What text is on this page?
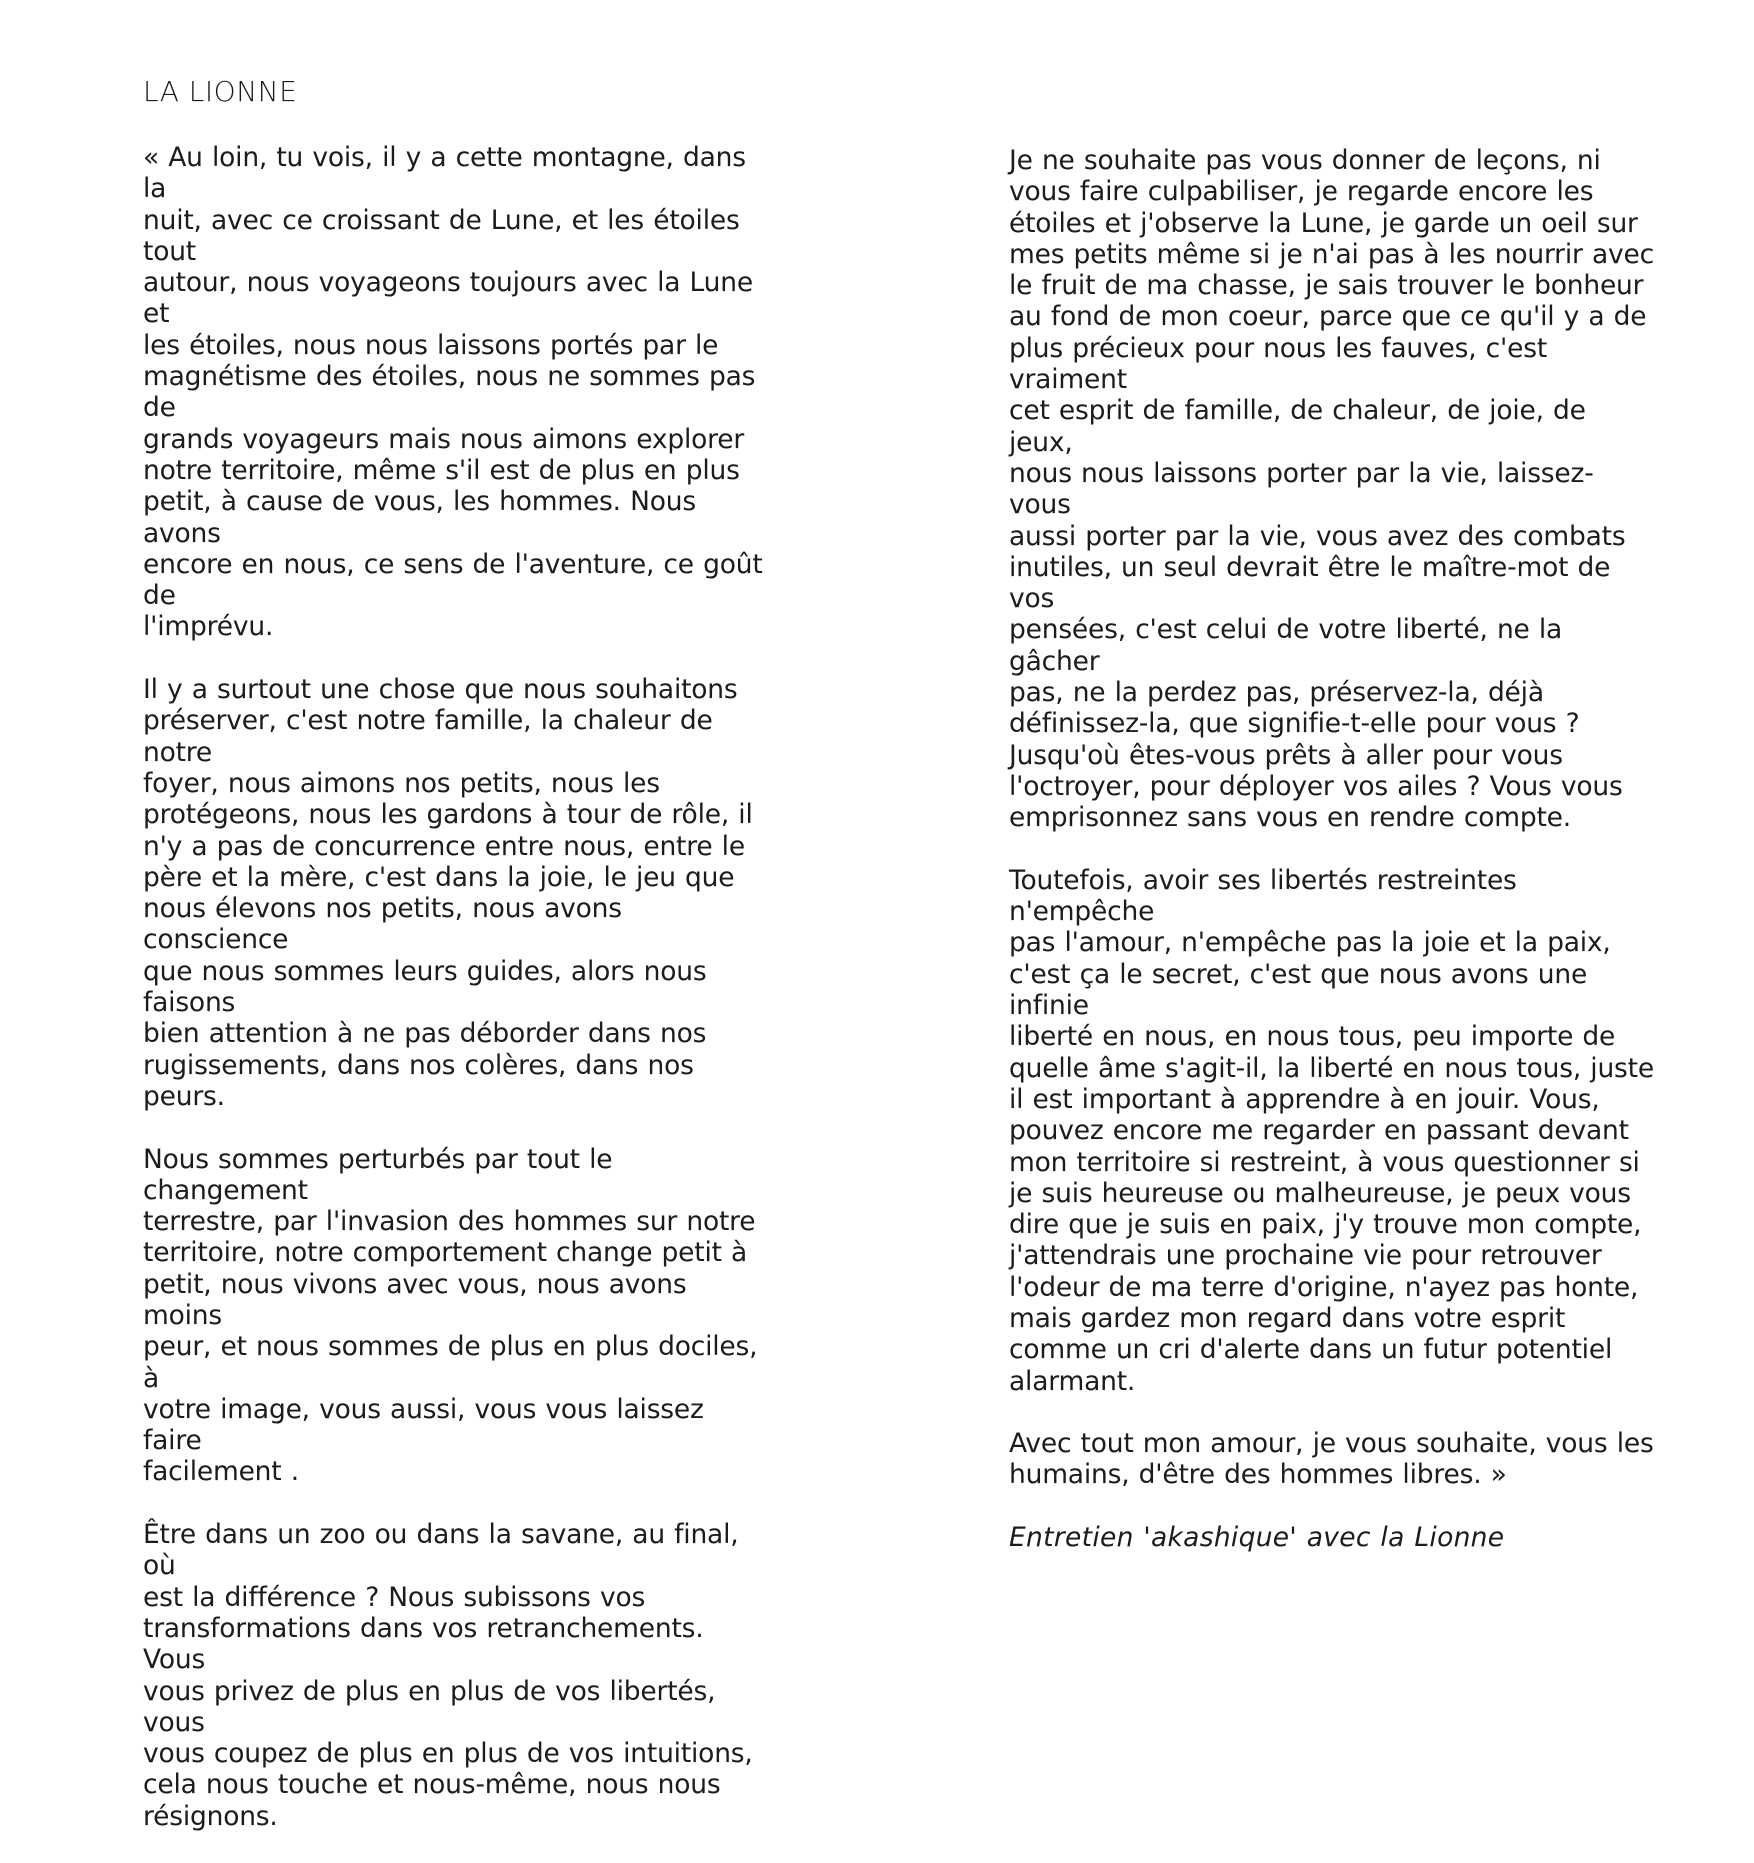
LA LIONNE

« Au loin, tu vois, il y a cette montagne, dans la
nuit, avec ce croissant de Lune, et les étoiles tout
autour, nous voyageons toujours avec la Lune et
les étoiles, nous nous laissons portés par le
magnétisme des étoiles, nous ne sommes pas de
grands voyageurs mais nous aimons explorer
notre territoire, même s'il est de plus en plus
petit, à cause de vous, les hommes. Nous avons
encore en nous, ce sens de l'aventure, ce goût de
l'imprévu.

Il y a surtout une chose que nous souhaitons
préserver, c'est notre famille, la chaleur de notre
foyer, nous aimons nos petits, nous les
protégeons, nous les gardons à tour de rôle, il
n'y a pas de concurrence entre nous, entre le
père et la mère, c'est dans la joie, le jeu que
nous élevons nos petits, nous avons conscience
que nous sommes leurs guides, alors nous faisons
bien attention à ne pas déborder dans nos
rugissements, dans nos colères, dans nos peurs.

Nous sommes perturbés par tout le changement
terrestre, par l'invasion des hommes sur notre
territoire, notre comportement change petit à
petit, nous vivons avec vous, nous avons moins
peur, et nous sommes de plus en plus dociles, à
votre image, vous aussi, vous vous laissez faire
facilement .

Être dans un zoo ou dans la savane, au final, où
est la différence ? Nous subissons vos
transformations dans vos retranchements. Vous
vous privez de plus en plus de vos libertés, vous
vous coupez de plus en plus de vos intuitions,
cela nous touche et nous-même, nous nous
résignons.

Je ne souhaite pas vous donner de leçons, ni
vous faire culpabiliser, je regarde encore les
étoiles et j'observe la Lune, je garde un oeil sur
mes petits même si je n'ai pas à les nourrir avec
le fruit de ma chasse, je sais trouver le bonheur
au fond de mon coeur, parce que ce qu'il y a de
plus précieux pour nous les fauves, c'est vraiment
cet esprit de famille, de chaleur, de joie, de jeux,
nous nous laissons porter par la vie, laissez-vous
aussi porter par la vie, vous avez des combats
inutiles, un seul devrait être le maître-mot de vos
pensées, c'est celui de votre liberté, ne la gâcher
pas, ne la perdez pas, préservez-la, déjà
définissez-la, que signifie-t-elle pour vous ?
Jusqu'où êtes-vous prêts à aller pour vous
l'octroyer, pour déployer vos ailes ? Vous vous
emprisonnez sans vous en rendre compte.

Toutefois, avoir ses libertés restreintes n'empêche
pas l'amour, n'empêche pas la joie et la paix,
c'est ça le secret, c'est que nous avons une infinie
liberté en nous, en nous tous, peu importe de
quelle âme s'agit-il, la liberté en nous tous, juste
il est important à apprendre à en jouir. Vous,
pouvez encore me regarder en passant devant
mon territoire si restreint, à vous questionner si
je suis heureuse ou malheureuse, je peux vous
dire que je suis en paix, j'y trouve mon compte,
j'attendrais une prochaine vie pour retrouver
l'odeur de ma terre d'origine, n'ayez pas honte,
mais gardez mon regard dans votre esprit
comme un cri d'alerte dans un futur potentiel
alarmant.

Avec tout mon amour, je vous souhaite, vous les
humains, d'être des hommes libres. »

Entretien 'akashique' avec la Lionne
